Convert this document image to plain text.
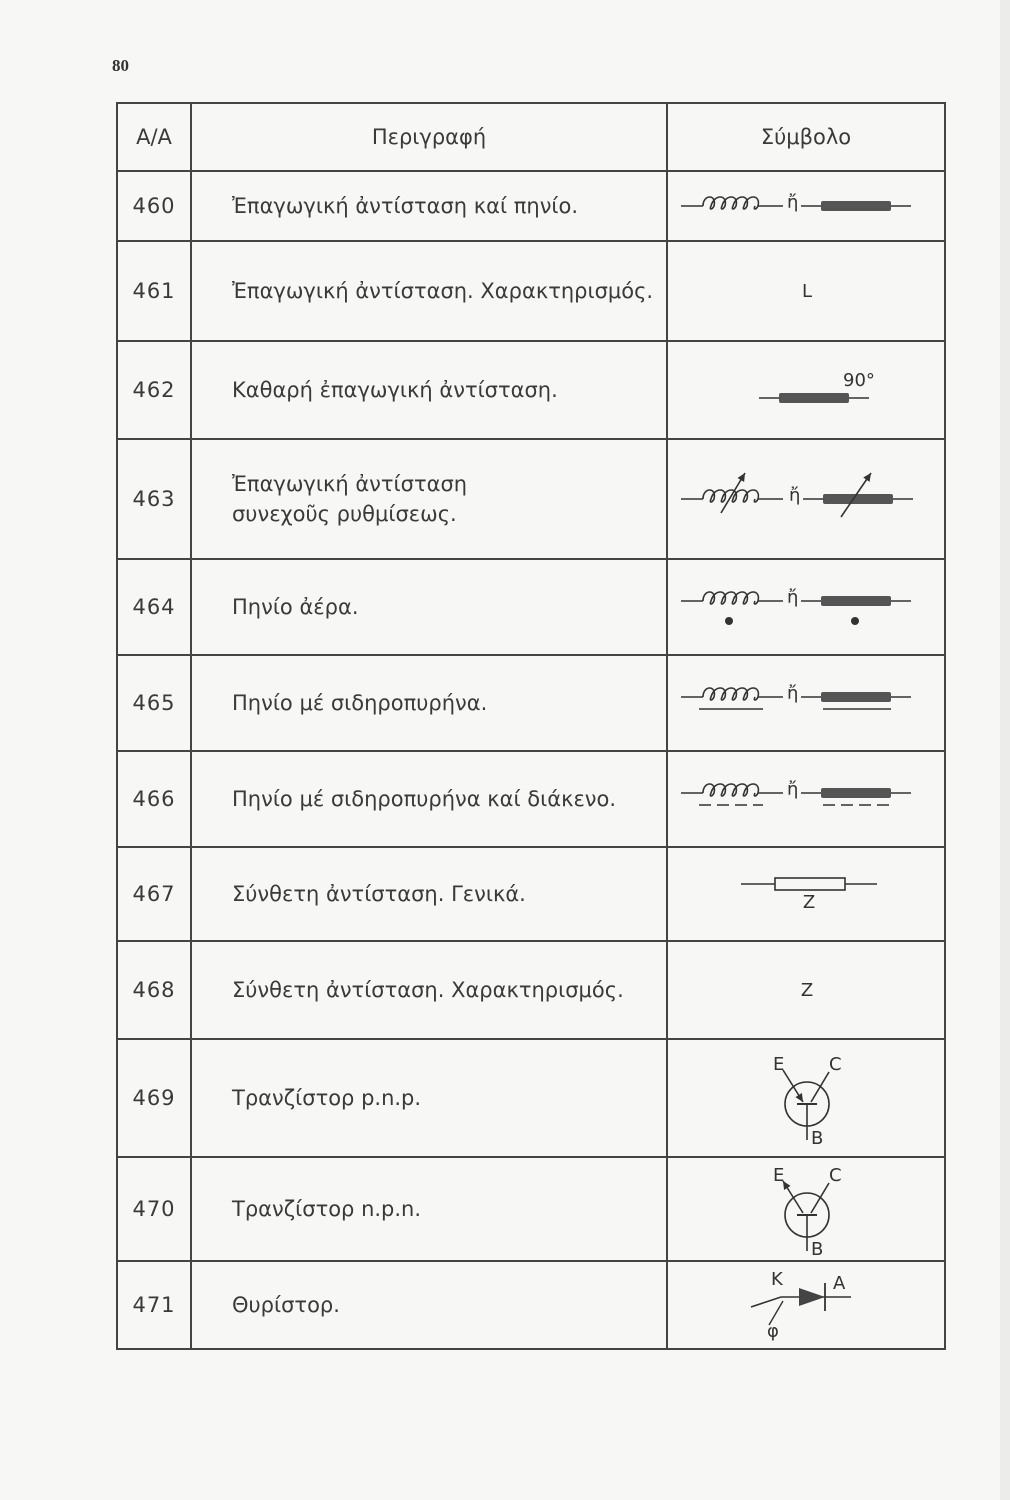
80
Α/Α	Περιγραφή	Σύμβολο
460	Ἐπαγωγική ἀντίσταση καί πηνίο.	ἤ

461	Ἐπαγωγική ἀντίσταση. Χαρακτηρισμός.	L

462	Καθαρή ἐπαγωγική ἀντίσταση.	90°

463	Ἐπαγωγική ἀντίσταση συνεχοῦς ρυθμίσεως.	ἤ

464	Πηνίο ἀέρα.	ἤ

465	Πηνίο μέ σιδηροπυρήνα.	ἤ

466	Πηνίο μέ σιδηροπυρήνα καί διάκενο.	ἤ

467	Σύνθετη ἀντίσταση. Γενικά.	Z

468	Σύνθετη ἀντίσταση. Χαρακτηρισμός.	Z

469	Τρανζίστορ p.n.p.	E C
B

470	Τρανζίστορ n.p.n.	E C
B

471	Θυρίστορ.	K A
φ
